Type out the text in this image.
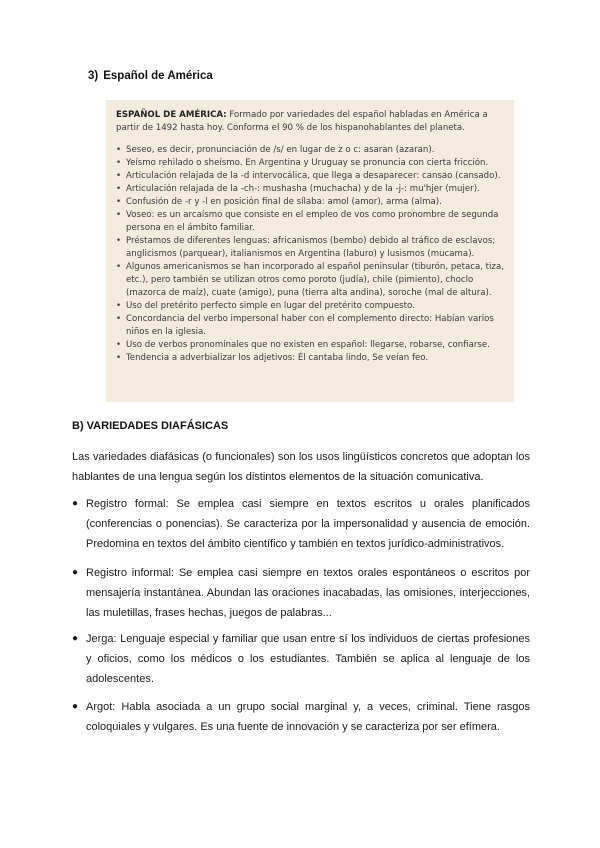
3) Español de América

ESPAÑOL DE AMÉRICA: Formado por variedades del español habladas en América a partir de 1492 hasta hoy. Conforma el 90 % de los hispanohablantes del planeta.

• Seseo, es decir, pronunciación de /s/ en lugar de z o c: asaran (azaran).
• Yeísmo rehilado o sheísmo. En Argentina y Uruguay se pronuncia con cierta fricción.
• Articulación relajada de la -d intervocálica, que llega a desaparecer: cansao (cansado).
• Articulación relajada de la -ch-: mushasha (muchacha) y de la -j-: mu'hjer (mujer).
• Confusión de -r y -l en posición final de sílaba: amol (amor), arma (alma).
• Voseo: es un arcaísmo que consiste en el empleo de vos como pronombre de segunda persona en el ámbito familiar.
• Préstamos de diferentes lenguas: africanismos (bembo) debido al tráfico de esclavos; anglicismos (parquear), italianismos en Argentina (laburo) y lusismos (mucama).
• Algunos americanismos se han incorporado al español peninsular (tiburón, petaca, tiza, etc.), pero también se utilizan otros como poroto (judía), chile (pimiento), choclo (mazorca de maíz), cuate (amigo), puna (tierra alta andina), soroche (mal de altura).
• Uso del pretérito perfecto simple en lugar del pretérito compuesto.
• Concordancia del verbo impersonal haber con el complemento directo: Habían varios niños en la iglesia.
• Uso de verbos pronominales que no existen en español: llegarse, robarse, confiarse.
• Tendencia a adverbializar los adjetivos: Él cantaba lindo, Se veían feo.
B) VARIEDADES DIAFÁSICAS
Las variedades diafásicas (o funcionales) son los usos lingüísticos concretos que adoptan los hablantes de una lengua según los distintos elementos de la situación comunicativa.
● Registro formal: Se emplea casi siempre en textos escritos u orales planificados (conferencias o ponencias). Se caracteriza por la impersonalidad y ausencia de emoción. Predomina en textos del ámbito científico y también en textos jurídico-administrativos.
● Registro informal: Se emplea casi siempre en textos orales espontáneos o escritos por mensajería instantánea. Abundan las oraciones inacabadas, las omisiones, interjecciones, las muletillas, frases hechas, juegos de palabras...
● Jerga: Lenguaje especial y familiar que usan entre sí los individuos de ciertas profesiones y oficios, como los médicos o los estudiantes. También se aplica al lenguaje de los adolescentes.
● Argot: Habla asociada a un grupo social marginal y, a veces, criminal. Tiene rasgos coloquiales y vulgares. Es una fuente de innovación y se caracteriza por ser efímera.
